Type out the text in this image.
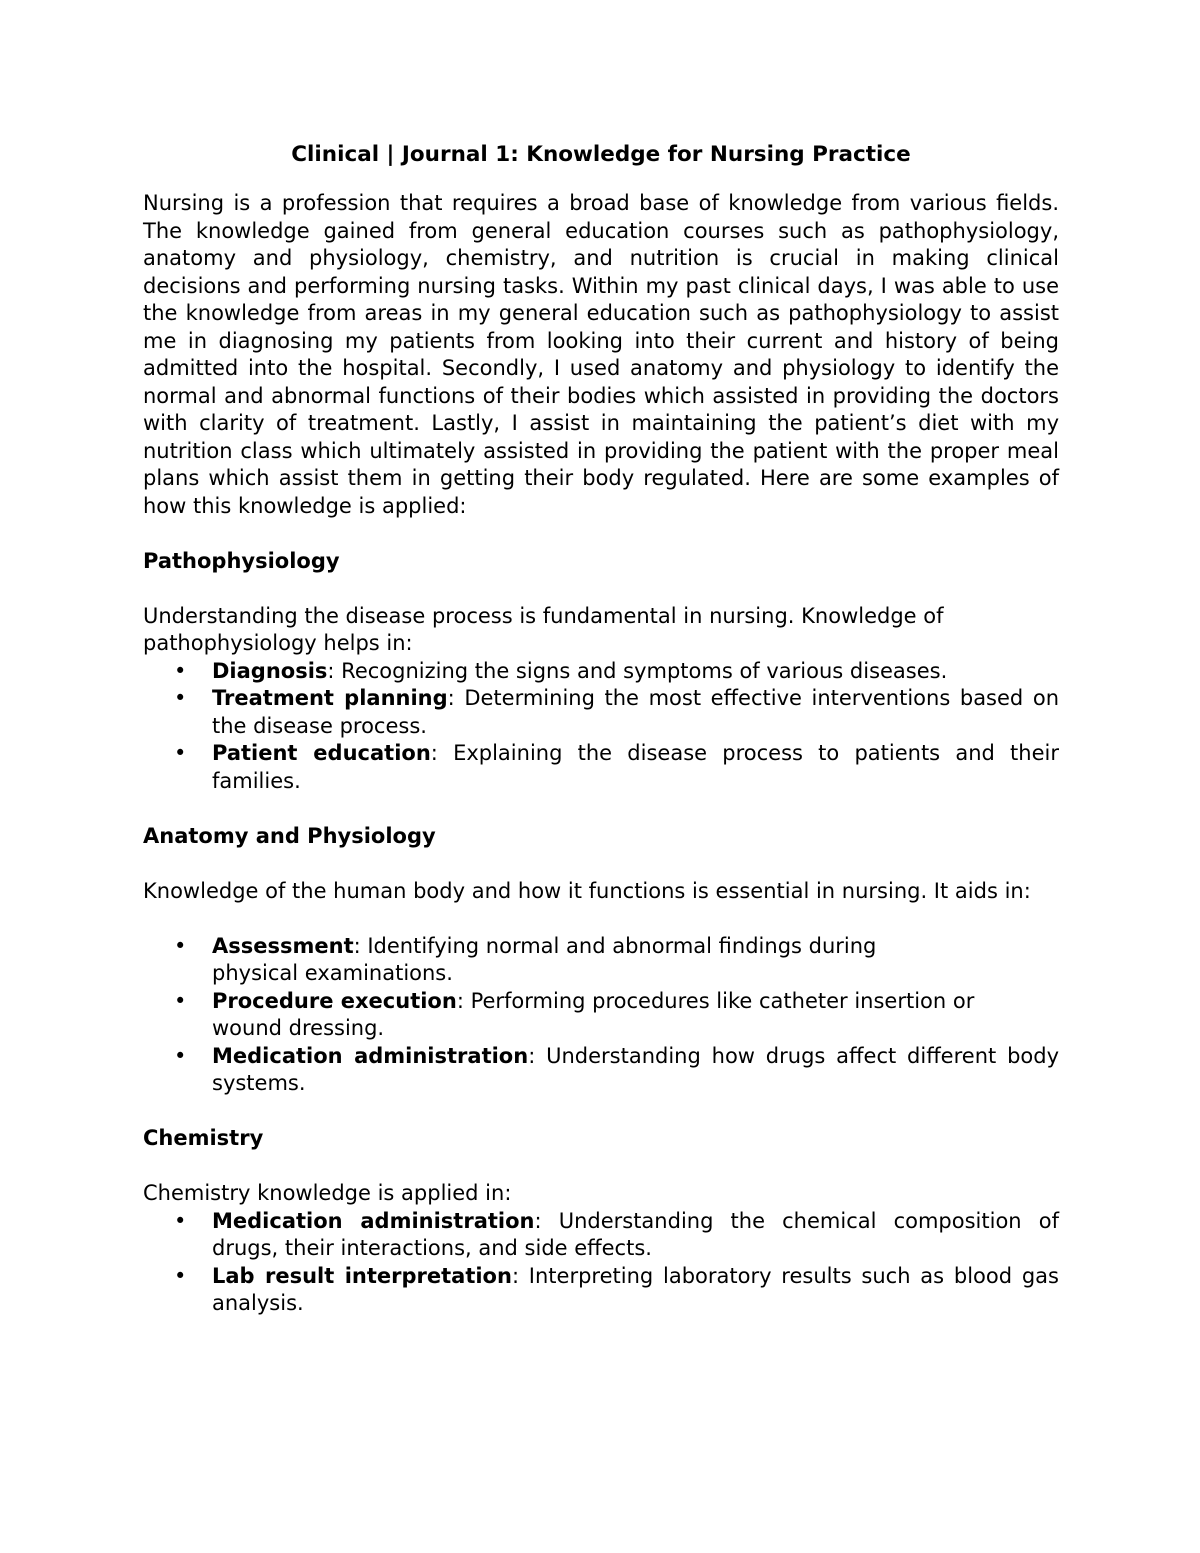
Clinical | Journal 1: Knowledge for Nursing Practice

Nursing is a profession that requires a broad base of knowledge from various fields. The knowledge gained from general education courses such as pathophysiology, anatomy and physiology, chemistry, and nutrition is crucial in making clinical decisions and performing nursing tasks. Within my past clinical days, I was able to use the knowledge from areas in my general education such as pathophysiology to assist me in diagnosing my patients from looking into their current and history of being admitted into the hospital. Secondly, I used anatomy and physiology to identify the normal and abnormal functions of their bodies which assisted in providing the doctors with clarity of treatment. Lastly, I assist in maintaining the patient’s diet with my nutrition class which ultimately assisted in providing the patient with the proper meal plans which assist them in getting their body regulated. Here are some examples of how this knowledge is applied:

Pathophysiology

Understanding the disease process is fundamental in nursing. Knowledge of pathophysiology helps in:

• Diagnosis: Recognizing the signs and symptoms of various diseases.
• Treatment planning: Determining the most effective interventions based on the disease process.
• Patient education: Explaining the disease process to patients and their families.
Anatomy and Physiology

Knowledge of the human body and how it functions is essential in nursing. It aids in:

• Assessment: Identifying normal and abnormal findings during physical examinations.
• Procedure execution: Performing procedures like catheter insertion or wound dressing.
• Medication administration: Understanding how drugs affect different body systems.
Chemistry

Chemistry knowledge is applied in:

• Medication administration: Understanding the chemical composition of drugs, their interactions, and side effects.
• Lab result interpretation: Interpreting laboratory results such as blood gas analysis.
